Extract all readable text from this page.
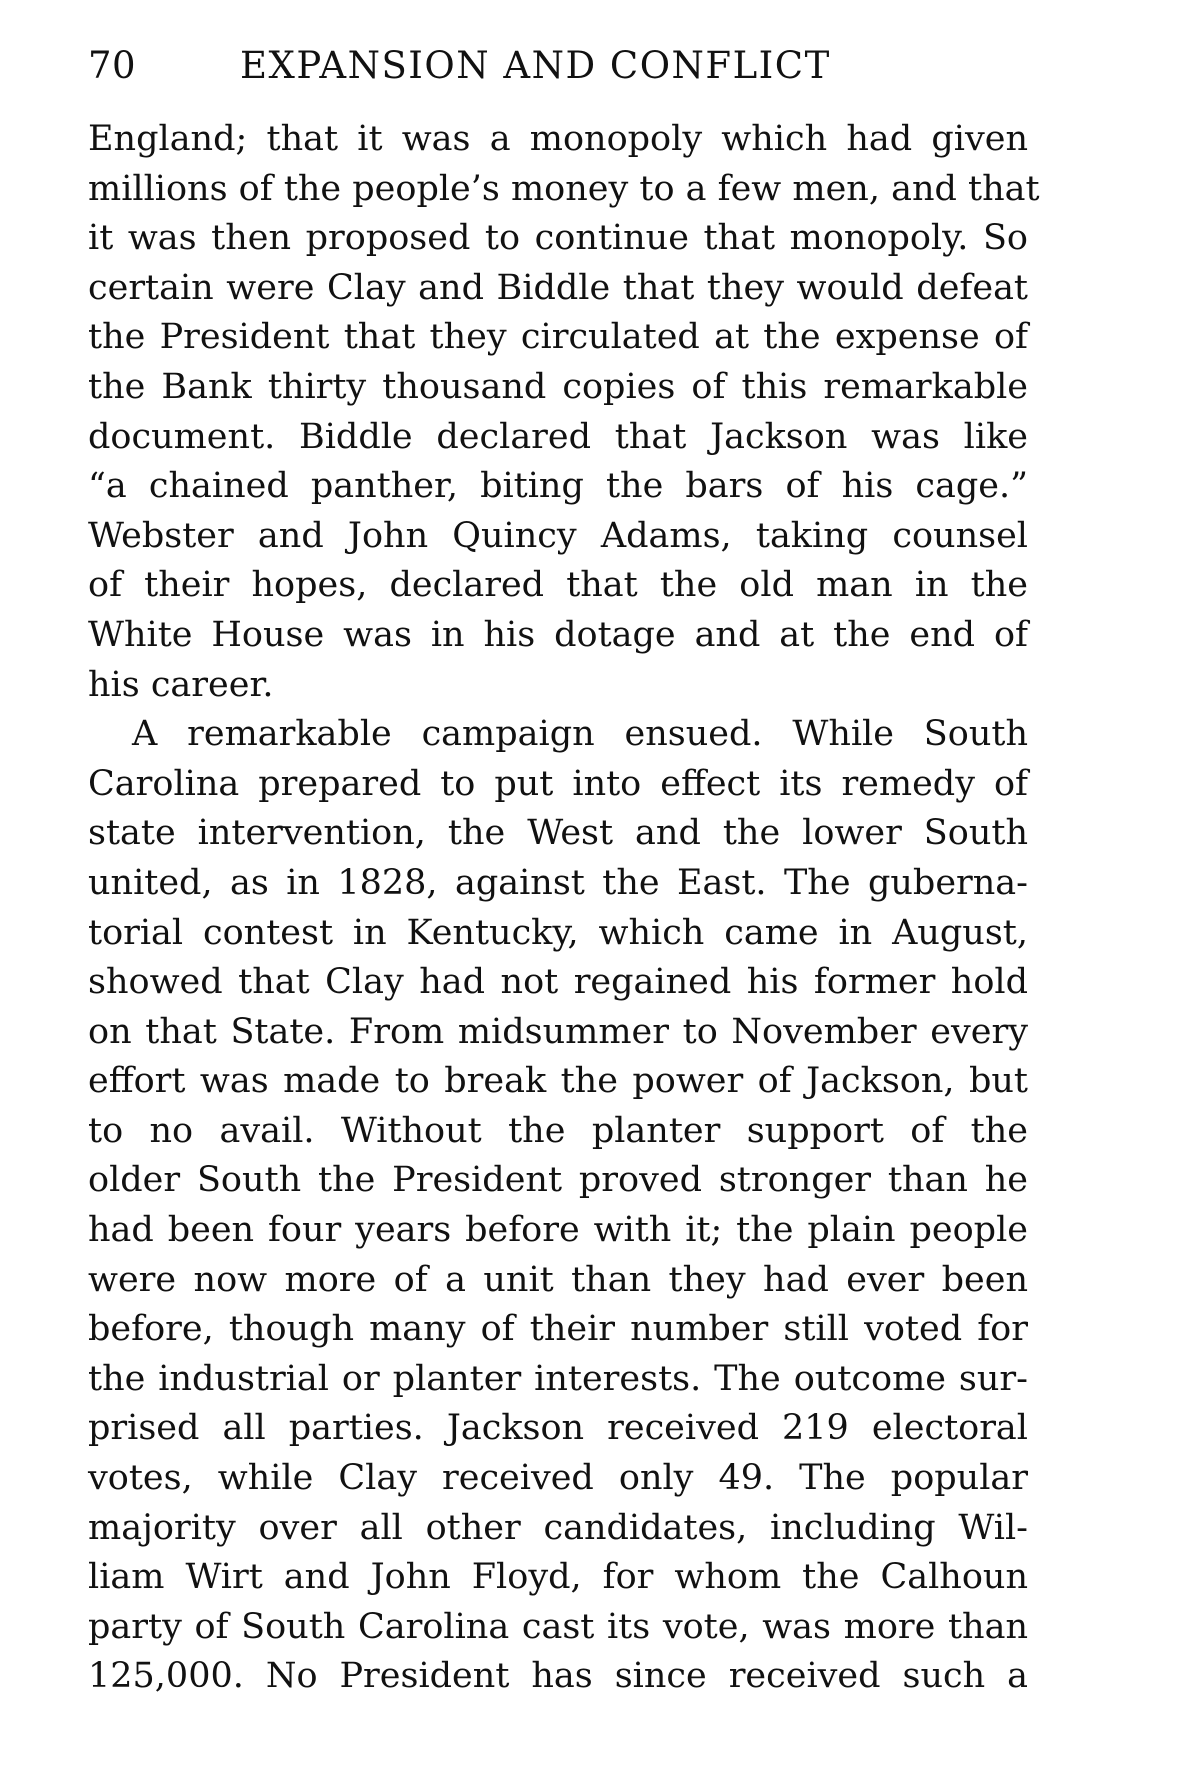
70	EXPANSION AND CONFLICT
England; that it was a monopoly which had given
millions of the people’s money to a few men, and that
it was then proposed to continue that monopoly. So
certain were Clay and Biddle that they would defeat
the President that they circulated at the expense of
the Bank thirty thousand copies of this remarkable
document. Biddle declared that Jackson was like
“a chained panther, biting the bars of his cage.”
Webster and John Quincy Adams, taking counsel
of their hopes, declared that the old man in the
White House was in his dotage and at the end of
his career.
A remarkable campaign ensued. While South
Carolina prepared to put into effect its remedy of
state intervention, the West and the lower South
united, as in 1828, against the East. The guberna-
torial contest in Kentucky, which came in August,
showed that Clay had not regained his former hold
on that State. From midsummer to November every
effort was made to break the power of Jackson, but
to no avail. Without the planter support of the
older South the President proved stronger than he
had been four years before with it; the plain people
were now more of a unit than they had ever been
before, though many of their number still voted for
the industrial or planter interests. The outcome sur-
prised all parties. Jackson received 219 electoral
votes, while Clay received only 49. The popular
majority over all other candidates, including Wil-
liam Wirt and John Floyd, for whom the Calhoun
party of South Carolina cast its vote, was more than
125,000. No President has since received such a
